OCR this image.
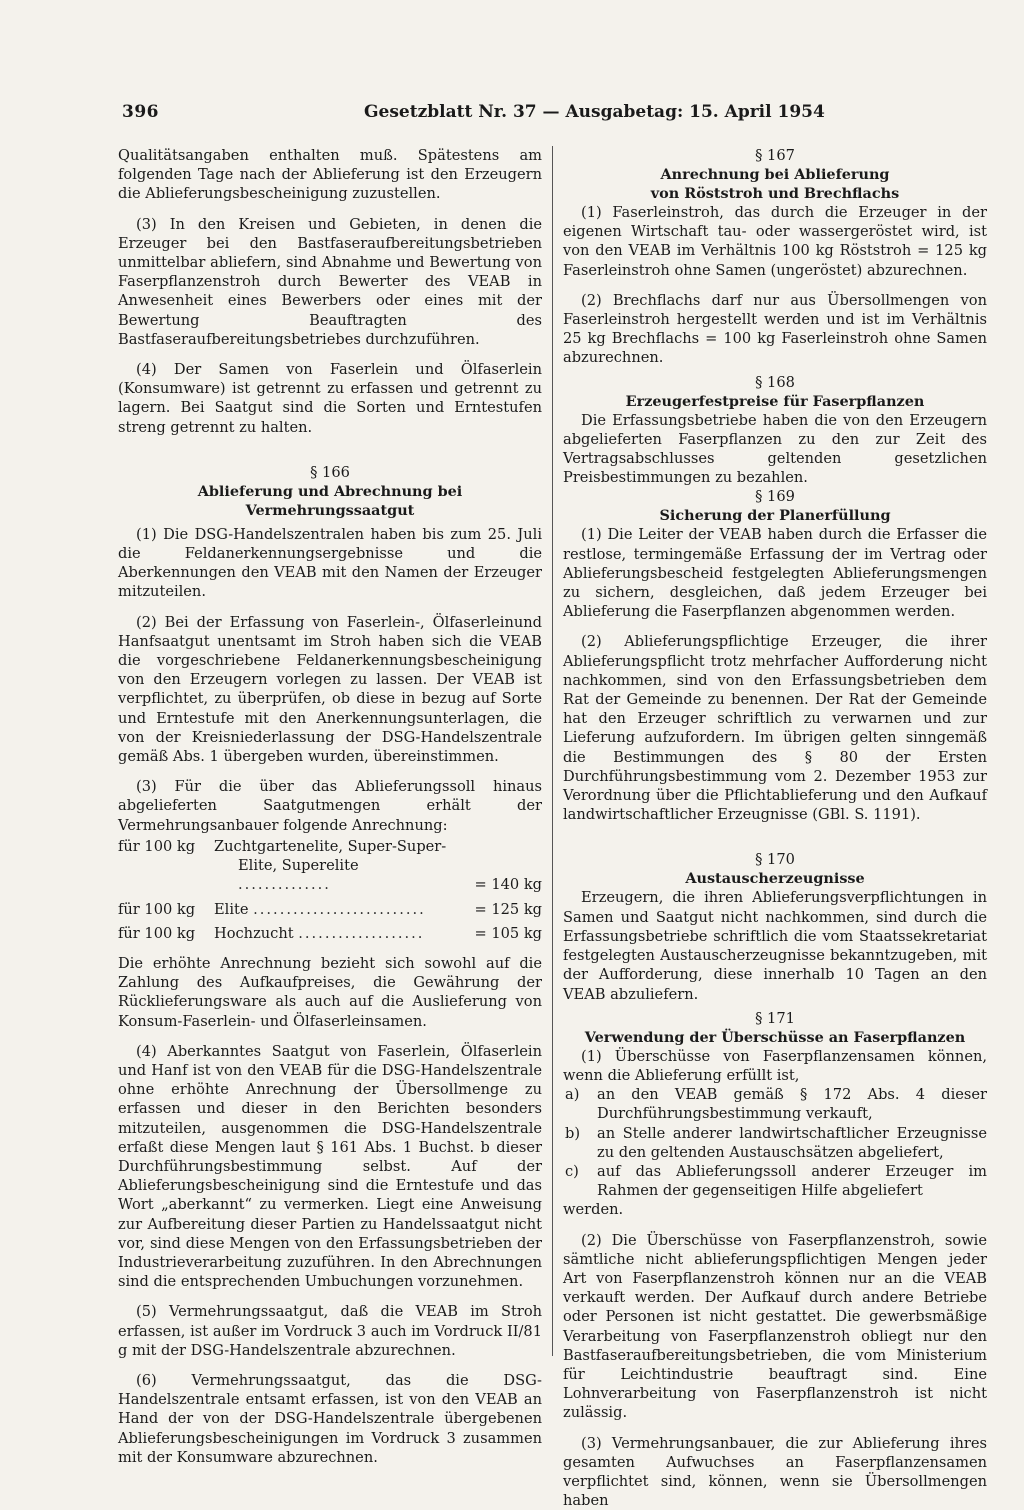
396	Gesetzblatt Nr. 37 — Ausgabetag: 15. April 1954

Qualitätsangaben enthalten muß. Spätestens am folgenden Tage nach der Ablieferung ist den Erzeugern die Ablieferungsbescheinigung zuzustellen.

(3) In den Kreisen und Gebieten, in denen die Erzeuger bei den Bastfaseraufbereitungsbetrieben unmittelbar abliefern, sind Abnahme und Bewertung von Faserpflanzenstroh durch Bewerter des VEAB in Anwesenheit eines Bewerbers oder eines mit der Bewertung Beauftragten des Bastfaseraufbereitungsbetriebes durchzuführen.

(4) Der Samen von Faserlein und Ölfaserlein (Konsumware) ist getrennt zu erfassen und getrennt zu lagern. Bei Saatgut sind die Sorten und Erntestufen streng getrennt zu halten.

§ 166

Ablieferung und Abrechnung bei Vermehrungssaatgut

(1) Die DSG-Handelszentralen haben bis zum 25. Juli die Feldanerkennungsergebnisse und die Aberkennungen den VEAB mit den Namen der Erzeuger mitzuteilen.

(2) Bei der Erfassung von Faserlein-, Ölfaserleinund Hanfsaatgut unentsamt im Stroh haben sich die VEAB die vorgeschriebene Feldanerkennungsbescheinigung von den Erzeugern vorlegen zu lassen. Der VEAB ist verpflichtet, zu überprüfen, ob diese in bezug auf Sorte und Erntestufe mit den Anerkennungsunterlagen, die von der Kreisniederlassung der DSG-Handelszentrale gemäß Abs. 1 übergeben wurden, übereinstimmen.

(3) Für die über das Ablieferungssoll hinaus abgelieferten Saatgutmengen erhält der Vermehrungsanbauer folgende Anrechnung:

für 100 kg	Zuchtgartenelite, Super-Super-
Elite, Superelite ..............	= 140 kg

für 100 kg	Elite ..........................	= 125 kg

für 100 kg	Hochzucht ...................	= 105 kg

Die erhöhte Anrechnung bezieht sich sowohl auf die Zahlung des Aufkaufpreises, die Gewährung der Rücklieferungsware als auch auf die Auslieferung von Konsum-Faserlein- und Ölfaserleinsamen.

(4) Aberkanntes Saatgut von Faserlein, Ölfaserlein und Hanf ist von den VEAB für die DSG-Handelszentrale ohne erhöhte Anrechnung der Übersollmenge zu erfassen und dieser in den Berichten besonders mitzuteilen, ausgenommen die DSG-Handelszentrale erfaßt diese Mengen laut § 161 Abs. 1 Buchst. b dieser Durchführungsbestimmung selbst. Auf der Ablieferungsbescheinigung sind die Erntestufe und das Wort „aberkannt“ zu vermerken. Liegt eine Anweisung zur Aufbereitung dieser Partien zu Handelssaatgut nicht vor, sind diese Mengen von den Erfassungsbetrieben der Industrieverarbeitung zuzuführen. In den Abrechnungen sind die entsprechenden Umbuchungen vorzunehmen.

(5) Vermehrungssaatgut, daß die VEAB im Stroh erfassen, ist außer im Vordruck 3 auch im Vordruck II/81 g mit der DSG-Handelszentrale abzurechnen.

(6) Vermehrungssaatgut, das die DSG-Handelszentrale entsamt erfassen, ist von den VEAB an Hand der von der DSG-Handelszentrale übergebenen Ablieferungsbescheinigungen im Vordruck 3 zusammen mit der Konsumware abzurechnen.

§ 167

Anrechnung bei Ablieferung

von Röststroh und Brechflachs

(1) Faserleinstroh, das durch die Erzeuger in der eigenen Wirtschaft tau- oder wassergeröstet wird, ist von den VEAB im Verhältnis 100 kg Röststroh = 125 kg Faserleinstroh ohne Samen (ungeröstet) abzurechnen.

(2) Brechflachs darf nur aus Übersollmengen von Faserleinstroh hergestellt werden und ist im Verhältnis 25 kg Brechflachs = 100 kg Faserleinstroh ohne Samen abzurechnen.

§ 168

Erzeugerfestpreise für Faserpflanzen

Die Erfassungsbetriebe haben die von den Erzeugern abgelieferten Faserpflanzen zu den zur Zeit des Vertragsabschlusses geltenden gesetzlichen Preisbestimmungen zu bezahlen.

§ 169

Sicherung der Planerfüllung

(1) Die Leiter der VEAB haben durch die Erfasser die restlose, termingemäße Erfassung der im Vertrag oder Ablieferungsbescheid festgelegten Ablieferungsmengen zu sichern, desgleichen, daß jedem Erzeuger bei Ablieferung die Faserpflanzen abgenommen werden.

(2) Ablieferungspflichtige Erzeuger, die ihrer Ablieferungspflicht trotz mehrfacher Aufforderung nicht nachkommen, sind von den Erfassungsbetrieben dem Rat der Gemeinde zu benennen. Der Rat der Gemeinde hat den Erzeuger schriftlich zu verwarnen und zur Lieferung aufzufordern. Im übrigen gelten sinngemäß die Bestimmungen des § 80 der Ersten Durchführungsbestimmung vom 2. Dezember 1953 zur Verordnung über die Pflichtablieferung und den Aufkauf landwirtschaftlicher Erzeugnisse (GBl. S. 1191).

§ 170

Austauscherzeugnisse

Erzeugern, die ihren Ablieferungsverpflichtungen in Samen und Saatgut nicht nachkommen, sind durch die Erfassungsbetriebe schriftlich die vom Staatssekretariat festgelegten Austauscherzeugnisse bekanntzugeben, mit der Aufforderung, diese innerhalb 10 Tagen an den VEAB abzuliefern.

§ 171

Verwendung der Überschüsse an Faserpflanzen

(1) Überschüsse von Faserpflanzensamen können, wenn die Ablieferung erfüllt ist,

a) an den VEAB gemäß § 172 Abs. 4 dieser Durchführungsbestimmung verkauft,
b) an Stelle anderer landwirtschaftlicher Erzeugnisse zu den geltenden Austauschsätzen abgeliefert,
c) auf das Ablieferungssoll anderer Erzeuger im Rahmen der gegenseitigen Hilfe abgeliefert

werden.

(2) Die Überschüsse von Faserpflanzenstroh, sowie sämtliche nicht ablieferungspflichtigen Mengen jeder Art von Faserpflanzenstroh können nur an die VEAB verkauft werden. Der Aufkauf durch andere Betriebe oder Personen ist nicht gestattet. Die gewerbsmäßige Verarbeitung von Faserpflanzenstroh obliegt nur den Bastfaseraufbereitungsbetrieben, die vom Ministerium für Leichtindustrie beauftragt sind. Eine Lohnverarbeitung von Faserpflanzenstroh ist nicht zulässig.

(3) Vermehrungsanbauer, die zur Ablieferung ihres gesamten Aufwuchses an Faserpflanzensamen verpflichtet sind, können, wenn sie Übersollmengen haben
